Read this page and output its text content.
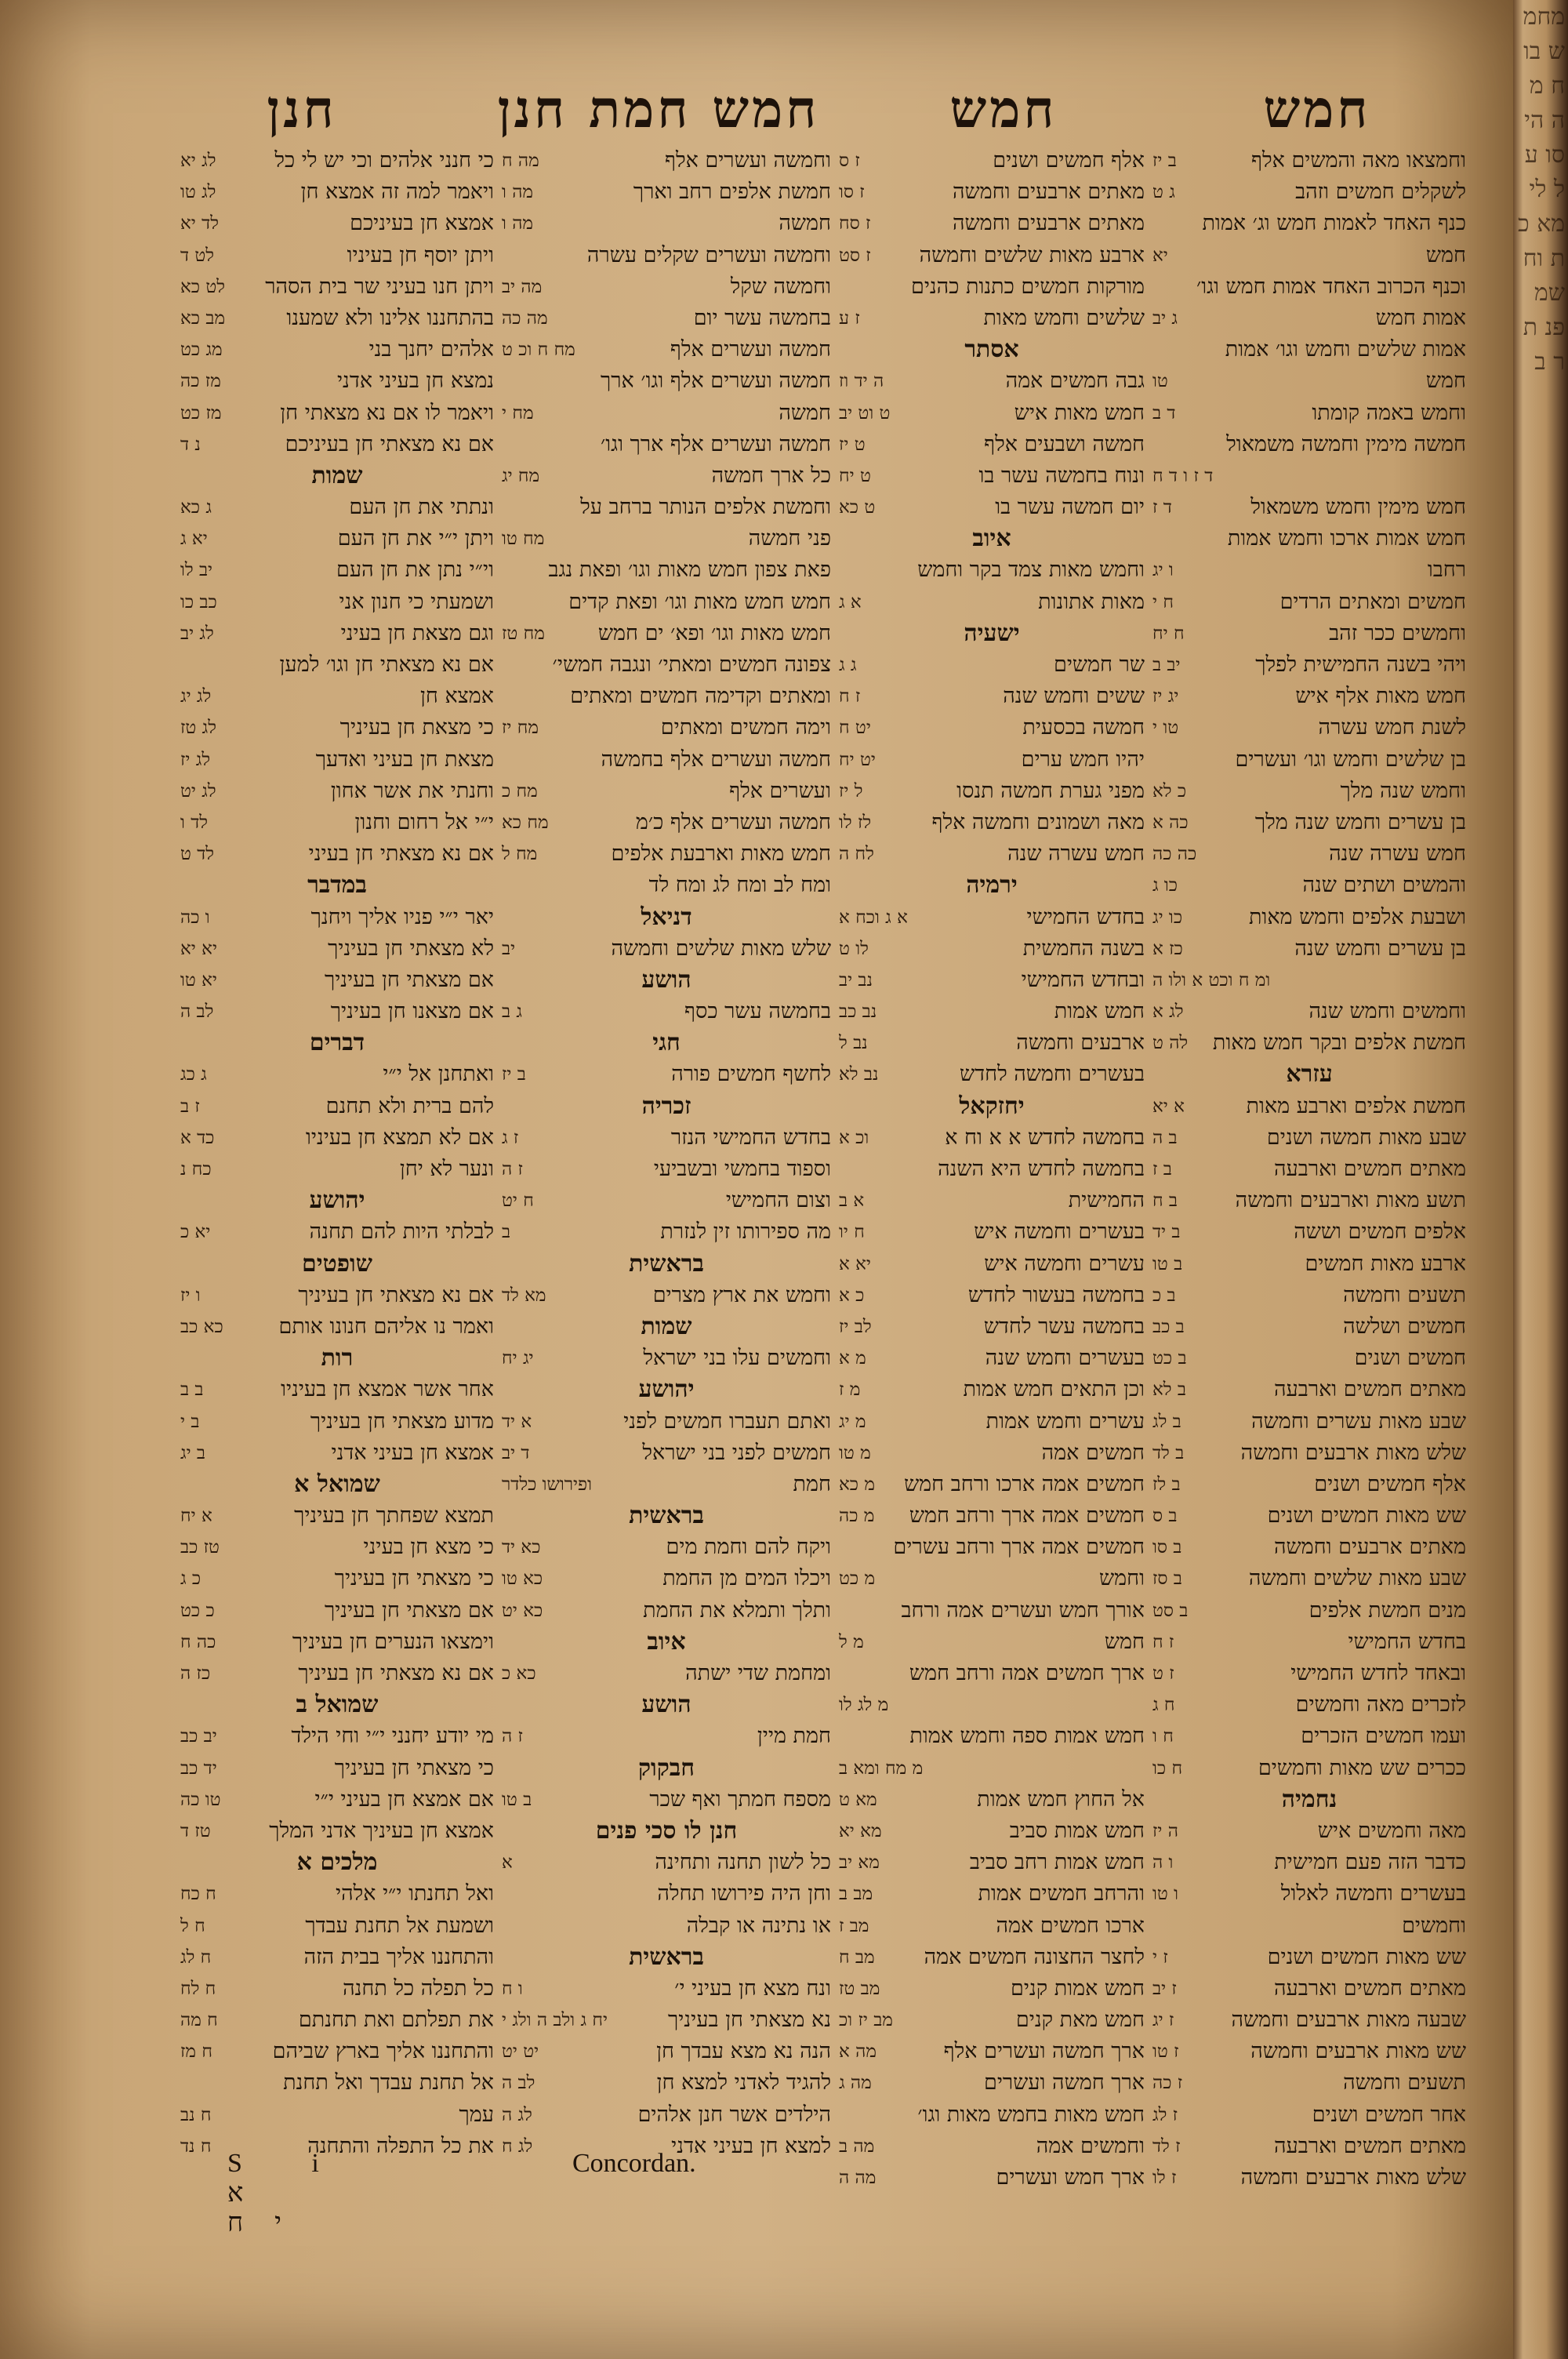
חמש
חמש
חמש חמת חנן
חנן
וחמצאו מאה והמשים אלף
ב יז
לשקלים חמשים וזהב
ג ט
כנף האחד לאמות חמש וג׳ אמות
חמש
יא
וכנף הכרוב האחד אמות חמש וגו׳
אמות חמש
ג יב
אמות שלשים וחמש וגו׳ אמות
חמש
טו
וחמש באמה קומתו
ד ב
חמשה מימין וחמשה משמאול
ד ז ו ד ח
חמש מימין וחמש משמאול
ד ז
חמש אמות ארכו וחמש אמות
רחבו
ו יג
חמשים ומאתים הרדים
ח י
וחמשים ככר זהב
ח יח
ויהי בשנה החמישית לפלך
יב ב
חמש מאות אלף איש
יג יז
לשנת חמש עשרה
טו י
בן שלשים וחמש וגו׳ ועשרים
וחמש שנה מלך
כ לא
בן עשרים וחמש שנה מלך
כה א
חמש עשרה שנה
כה כה
והמשים ושתים שנה
כו ג
ושבעת אלפים וחמש מאות
כו יג
בן עשרים וחמש שנה
כז א
ומ ח וכט א ולו ה
וחמשים וחמש שנה
לג א
חמשת אלפים ובקר חמש מאות
לה ט
עזרא
חמשת אלפים וארבע מאות
א יא
שבע מאות חמשה ושנים
ב ה
מאתים חמשים וארבעה
ב ז
תשע מאות וארבעים וחמשה
ב ח
אלפים חמשים וששה
ב יד
ארבע מאות חמשים
ב טו
תשעים וחמשה
ב כ
חמשים ושלשה
ב כב
חמשים ושנים
ב כט
מאתים חמשים וארבעה
ב לא
שבע מאות עשרים וחמשה
ב לג
שלש מאות ארבעים וחמשה
ב לד
אלף חמשים ושנים
ב לז
שש מאות חמשים ושנים
ב ס
מאתים ארבעים וחמשה
ב סו
שבע מאות שלשים וחמשה
ב סז
מנים חמשת אלפים
ב סט
בחדש החמישי
ז ח
ובאחד לחדש החמישי
ז ט
לזכרים מאה וחמשים
ח ג
ועמו חמשים הזכרים
ח ו
ככרים שש מאות וחמשים
ח כו
נחמיה
מאה וחמשים איש
ה יז
כדבר הזה פעם חמישית
ו ה
בעשרים וחמשה לאלול
ו טו
וחמשים
שש מאות חמשים ושנים
ז י
מאתים חמשים וארבעה
ז יב
שבעה מאות ארבעים וחמשה
ז יג
שש מאות ארבעים וחמשה
ז טו
תשעים וחמשה
ז כה
אחר חמשים ושנים
ז לג
מאתים חמשים וארבעה
ז לד
שלש מאות ארבעים וחמשה
ז לו
אלף חמשים ושנים
ז ס
מאתים ארבעים וחמשה
ז סו
מאתים ארבעים וחמשה
ז סח
ארבע מאות שלשים וחמשה
ז סט
מורקות חמשים כתנות כהנים
שלשים וחמש מאות
ז ע
אסתר
גבה חמשים אמה
ה יד וז
חמש מאות איש
ט וט יב
חמשה ושבעים אלף
ט יז
ונוח בחמשה עשר בו
ט יח
יום חמשה עשר בו
ט כא
איוב
וחמש מאות צמד בקר וחמש
מאות אתונות
א ג
ישעיה
שר חמשים
ג ג
ששים וחמש שנה
ז ח
חמשה בכסעית
יט ח
יהיו חמש ערים
יט יח
מפני גערת חמשה תנסו
ל יז
מאה ושמונים וחמשה אלף
לז לו
חמש עשרה שנה
לח ה
ירמיה
בחדש החמישי
א ג וכח א
בשנה החמשית
לו ט
ובחדש החמישי
נב יב
חמש אמות
נב כב
ארבעים וחמשה
נב ל
בעשרים וחמשה לחדש
נב לא
יחזקאל
בחמשה לחדש א א וח א
וכ א
בחמשה לחדש היא השנה
החמישית
א ב
בעשרים וחמשה איש
ח יו
עשרים וחמשה איש
יא א
בחמשה בעשור לחדש
כ א
בחמשה עשר לחדש
לב יז
בעשרים וחמש שנה
מ א
וכן התאים חמש אמות
מ ז
עשרים וחמש אמות
מ יג
חמשים אמה
מ טו
חמשים אמה ארכו ורחב חמש
מ כא
חמשים אמה ארך ורחב חמש
מ כה
חמשים אמה ארך ורחב עשרים
וחמש
מ כט
אורך חמש ועשרים אמה ורחב
חמש
מ ל
ארך חמשים אמה ורחב חמש
מ לג לו
חמש אמות ספה וחמש אמות
מ מח ומא ב
אל החוץ חמש אמות
מא ט
חמש אמות סביב
מא יא
חמש אמות רחב סביב
מא יב
והרחב חמשים אמות
מב ב
ארכו חמשים אמה
מב ז
לחצר החצונה חמשים אמה
מב ח
חמש אמות קנים
מב טז
חמש מאת קנים
מב יז וכ
ארך חמשה ועשרים אלף
מה א
ארך חמשה ועשרים
מה ג
חמש מאות בחמש מאות וגו׳
וחמשים אמה
מה ב
ארך חמש ועשרים
מה ה
וחמשה ועשרים אלף
מה ח
חמשת אלפים רחב וארך
מה ו
חמשה
מה ו
וחמשה ועשרים שקלים עשרה
וחמשה שקל
מה יב
בחמשה עשר יום
מה כה
חמשה ועשרים אלף
מח ח וכ ט
חמשה ועשרים אלף וגו׳ ארך
חמשה
מח י
חמשה ועשרים אלף ארך וגו׳
כל ארך חמשה
מח יג
וחמשת אלפים הנותר ברחב על
פני חמשה
מח טו
פאת צפון חמש מאות וגו׳ ופאת נגב
חמש חמש מאות וגו׳ ופאת קדים
חמש מאות וגו׳ ופא׳ ים חמש
מח טז
צפונה חמשים ומאתי׳ ונגבה חמשי׳
ומאתים וקדימה חמשים ומאתים
וימה חמשים ומאתים
מח יז
חמשה ועשרים אלף בחמשה
ועשרים אלף
מח כ
חמשה ועשרים אלף כ׳מ
מח כא
חמש מאות וארבעת אלפים
מח ל
ומח לב ומח לג ומח לד
דניאל
שלש מאות שלשים וחמשה
יב
הושע
בחמשה עשר כסף
ג ב
חגי
לחשף חמשים פורה
ב יז
זכריה
בחדש החמישי הנזר
ז ג
וספוד בחמשי ובשביעי
ז ה
וצום החמישי
ח יט
מה ספירותו זין לנזרת
ב
בראשית
וחמש את ארץ מצרים
מא לד
שמות
וחמשים עלו בני ישראל
יג יח
יהושע
ואתם תעברו חמשים לפני
א יד
חמשים לפני בני ישראל
ד יב
חמת
ופירושו כלדר
בראשית
ויקח להם וחמת מים
כא יד
ויכלו המים מן החמת
כא טו
ותלך ותמלא את החמת
כא יט
איוב
ומחמת שדי ישתה
כא כ
הושע
חמת מיין
ז ה
חבקוק
מספח חמתך ואף שכר
ב טו
חנן לו סכי פנים
כל לשון תחנה ותחינה
א
וחן היה פירושו תחלה
או נתינה או קבלה
בראשית
ונח מצא חן בעיני י׳
ו ח
נא מצאתי חן בעיניך
יח ג ולב ה ולג י
הנה נא מצא עבדך חן
יט יט
להגיד לאדני למצא חן
לב ה
הילדים אשר חנן אלהים
לג ה
למצא חן בעיני אדני
לג ח
כי חנני אלהים וכי יש לי כל
לג יא
ויאמר למה זה אמצא חן
לג טו
אמצא חן בעיניכם
לד יא
ויתן יוסף חן בעיניו
לט ד
ויתן חנו בעיני שר בית הסהר
לט כא
בהתחננו אלינו ולא שמענו
מב כא
אלהים יחנך בני
מג כט
נמצא חן בעיני אדני
מז כה
ויאמר לו אם נא מצאתי חן
מז כט
אם נא מצאתי חן בעיניכם
נ ד
שמות
ונתתי את חן העם
ג כא
ויתן י״י את חן העם
יא ג
וי״י נתן את חן העם
יב לו
ושמעתי כי חנון אני
כב כו
וגם מצאת חן בעיני
לג יב
אם נא מצאתי חן וגו׳ למען
אמצא חן
לג יג
כי מצאת חן בעיניך
לג טז
מצאת חן בעיני ואדעך
לג יז
וחנתי את אשר אחון
לג יט
י״י אל רחום וחנון
לד ו
אם נא מצאתי חן בעיני
לד ט
במדבר
יאר י״י פניו אליך ויחנך
ו כה
לא מצאתי חן בעיניך
יא יא
אם מצאתי חן בעיניך
יא טו
אם מצאנו חן בעיניך
לב ה
דברים
ואתחנן אל י״י
ג כג
להם ברית ולא תחנם
ז ב
אם לא תמצא חן בעיניו
כד א
ונער לא יחן
כח נ
יהושע
לבלתי היות להם תחנה
יא כ
שופטים
אם נא מצאתי חן בעיניך
ו יז
ואמר נו אליהם חנונו אותם
כא כב
רות
אחר אשר אמצא חן בעיניו
ב ב
מדוע מצאתי חן בעיניך
ב י
אמצא חן בעיני אדני
ב יג
שמואל א
תמצא שפחתך חן בעיניך
א יח
כי מצא חן בעיני
טז כב
כי מצאתי חן בעיניך
כ ג
אם מצאתי חן בעיניך
כ כט
וימצאו הנערים חן בעיניך
כה ח
אם נא מצאתי חן בעיניך
כז ה
שמואל ב
מי יודע יחנני י״י וחי הילד
יב כב
כי מצאתי חן בעיניך
יד כב
אם אמצא חן בעיני י״י
טו כה
אמצא חן בעיניך אדני המלך
טז ד
מלכים א
ואל תחנתו י״י אלהי
ח כח
ושמעת אל תחנת עבדך
ח ל
והתחננו אליך בבית הזה
ח לג
כל תפלה כל תחנה
ח לח
את תפלתם ואת תחנתם
ח מה
והתחננו אליך בארץ שביהם
ח מז
אל תחנת עבדך ואל תחנת
עמך
ח נב
את כל התפלה והתחנה
ח נד
S i א יח
Concordan.
מחמש בו ח מה הי סו על לי מא כת וח שמ פנ ת ר ב
